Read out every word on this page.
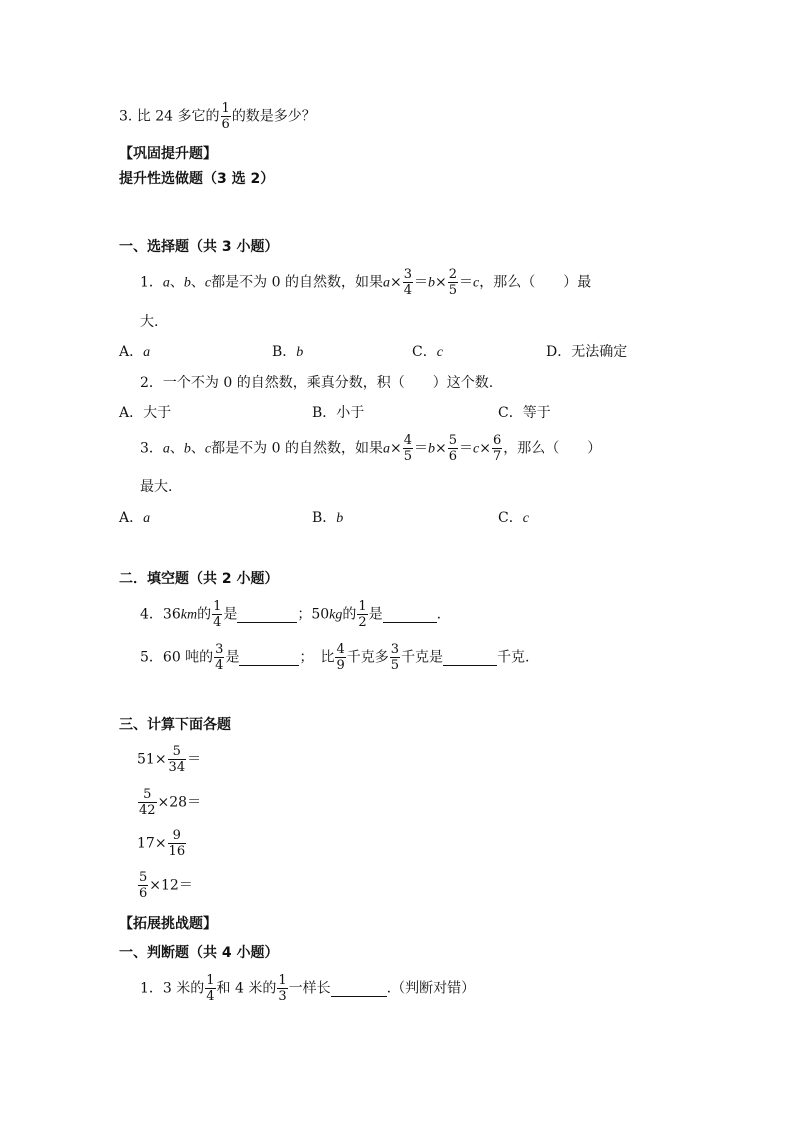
3. 比 24 多它的 $\frac{1}{6}$ 的数是多少？
【巩固提升题】
提升性选做题（3 选 2）
一、选择题（共 3 小题）
1．a、b、c都是不为 0 的自然数，如果$a\times \frac{3}{4} =b\times \frac{2}{5} =c$，那么（　　）最
大.
A．a	B．b	C．c	D．无法确定
2．一个不为 0 的自然数，乘真分数，积（　　）这个数.
A．大于	B．小于	C．等于
3．a、b、c都是不为 0 的自然数，如果$a\times \frac{4}{5} =b\times \frac{5}{6} =c\times \frac{6}{7}$ ，那么（　　）
最大.
A．a	B．b	C．c
二．填空题（共 2 小题）
4．36km的 $\frac{1}{4}$ 是	；50kg的 $\frac{1}{2}$ 是	.
5．60 吨的 $\frac{3}{4}$ 是	；　比 $\frac{4}{9}$ 千克多 $\frac{3}{5}$ 千克是	千克.
三、计算下面各题
$51\times \frac{5}{34}$ ＝
$\frac{5}{42} \times 28=$
$17\times \frac{9}{16}$
$\frac{5}{6} \times 12=$
【拓展挑战题】
一、判断题（共 4 小题）
1．3 米的 $\frac{1}{4}$ 和 4 米的 $\frac{1}{3}$ 一样长	.（判断对错）
